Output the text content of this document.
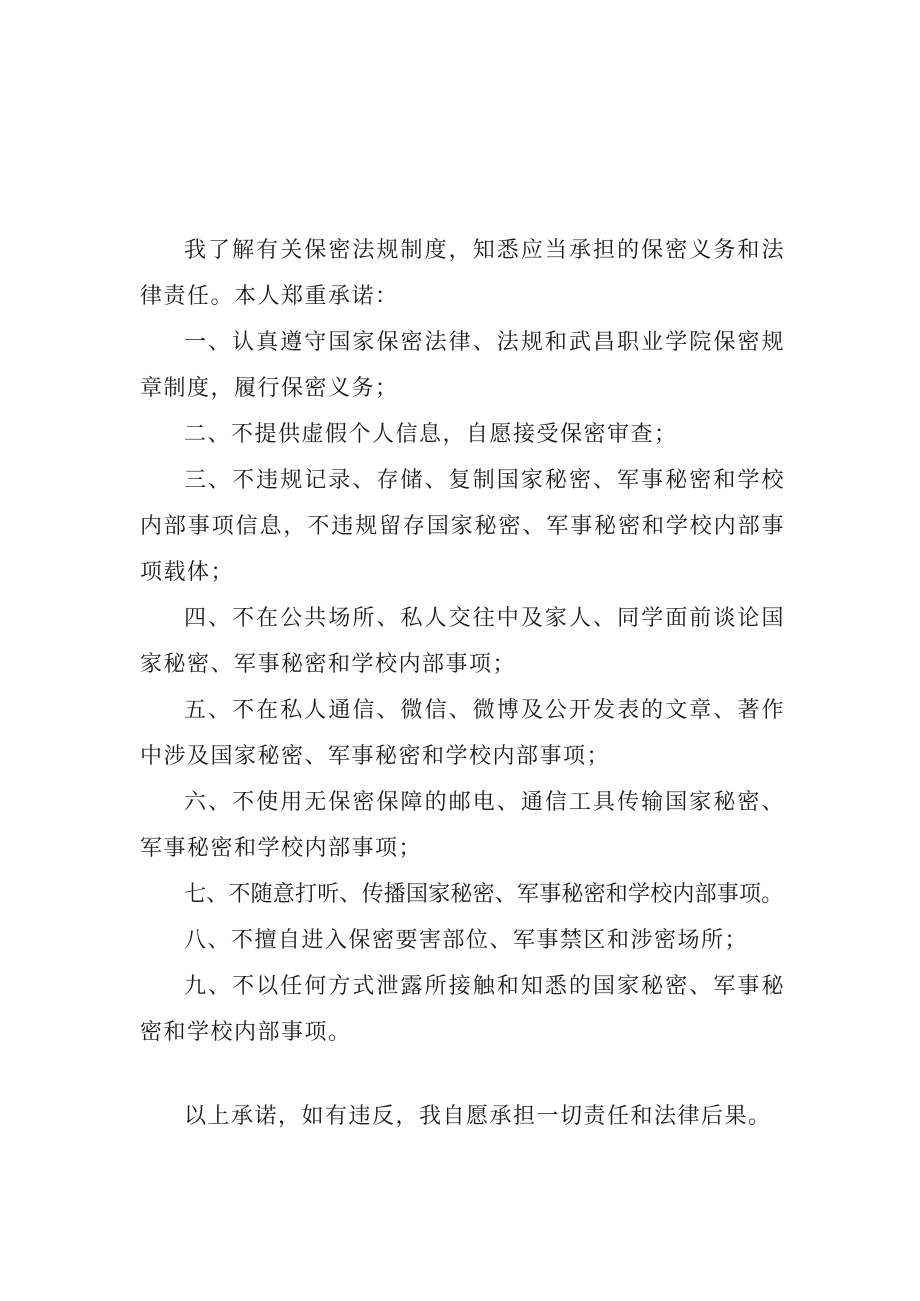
我了解有关保密法规制度，知悉应当承担的保密义务和法律责任。本人郑重承诺：

一、认真遵守国家保密法律、法规和武昌职业学院保密规章制度，履行保密义务；

二、不提供虚假个人信息，自愿接受保密审查；

三、不违规记录、存储、复制国家秘密、军事秘密和学校内部事项信息，不违规留存国家秘密、军事秘密和学校内部事项载体；

四、不在公共场所、私人交往中及家人、同学面前谈论国家秘密、军事秘密和学校内部事项；

五、不在私人通信、微信、微博及公开发表的文章、著作中涉及国家秘密、军事秘密和学校内部事项；

六、不使用无保密保障的邮电、通信工具传输国家秘密、军事秘密和学校内部事项；

七、不随意打听、传播国家秘密、军事秘密和学校内部事项。

八、不擅自进入保密要害部位、军事禁区和涉密场所；

九、不以任何方式泄露所接触和知悉的国家秘密、军事秘密和学校内部事项。

以上承诺，如有违反，我自愿承担一切责任和法律后果。
